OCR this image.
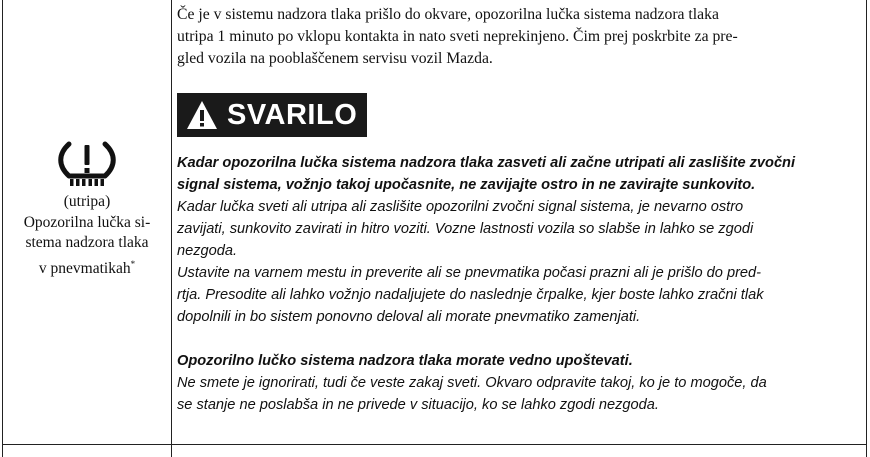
(utripa)
Opozorilna lučka si-
stema nadzora tlaka
v pnevmatikah*
Če je v sistemu nadzora tlaka prišlo do okvare, opozorilna lučka sistema nadzora tlaka
utripa 1 minuto po vklopu kontakta in nato sveti neprekinjeno. Čim prej poskrbite za pre-
gled vozila na pooblaščenem servisu vozil Mazda.
SVARILO
Kadar opozorilna lučka sistema nadzora tlaka zasveti ali začne utripati ali zaslišite zvočni
signal sistema, vožnjo takoj upočasnite, ne zavijajte ostro in ne zavirajte sunkovito.
Kadar lučka sveti ali utripa ali zaslišite opozorilni zvočni signal sistema, je nevarno ostro
zavijati, sunkovito zavirati in hitro voziti. Vozne lastnosti vozila so slabše in lahko se zgodi
nezgoda.
Ustavite na varnem mestu in preverite ali se pnevmatika počasi prazni ali je prišlo do pred-
rtja. Presodite ali lahko vožnjo nadaljujete do naslednje črpalke, kjer boste lahko zračni tlak
dopolnili in bo sistem ponovno deloval ali morate pnevmatiko zamenjati.
Opozorilno lučko sistema nadzora tlaka morate vedno upoštevati.
Ne smete je ignorirati, tudi če veste zakaj sveti. Okvaro odpravite takoj, ko je to mogoče, da
se stanje ne poslabša in ne privede v situacijo, ko se lahko zgodi nezgoda.
